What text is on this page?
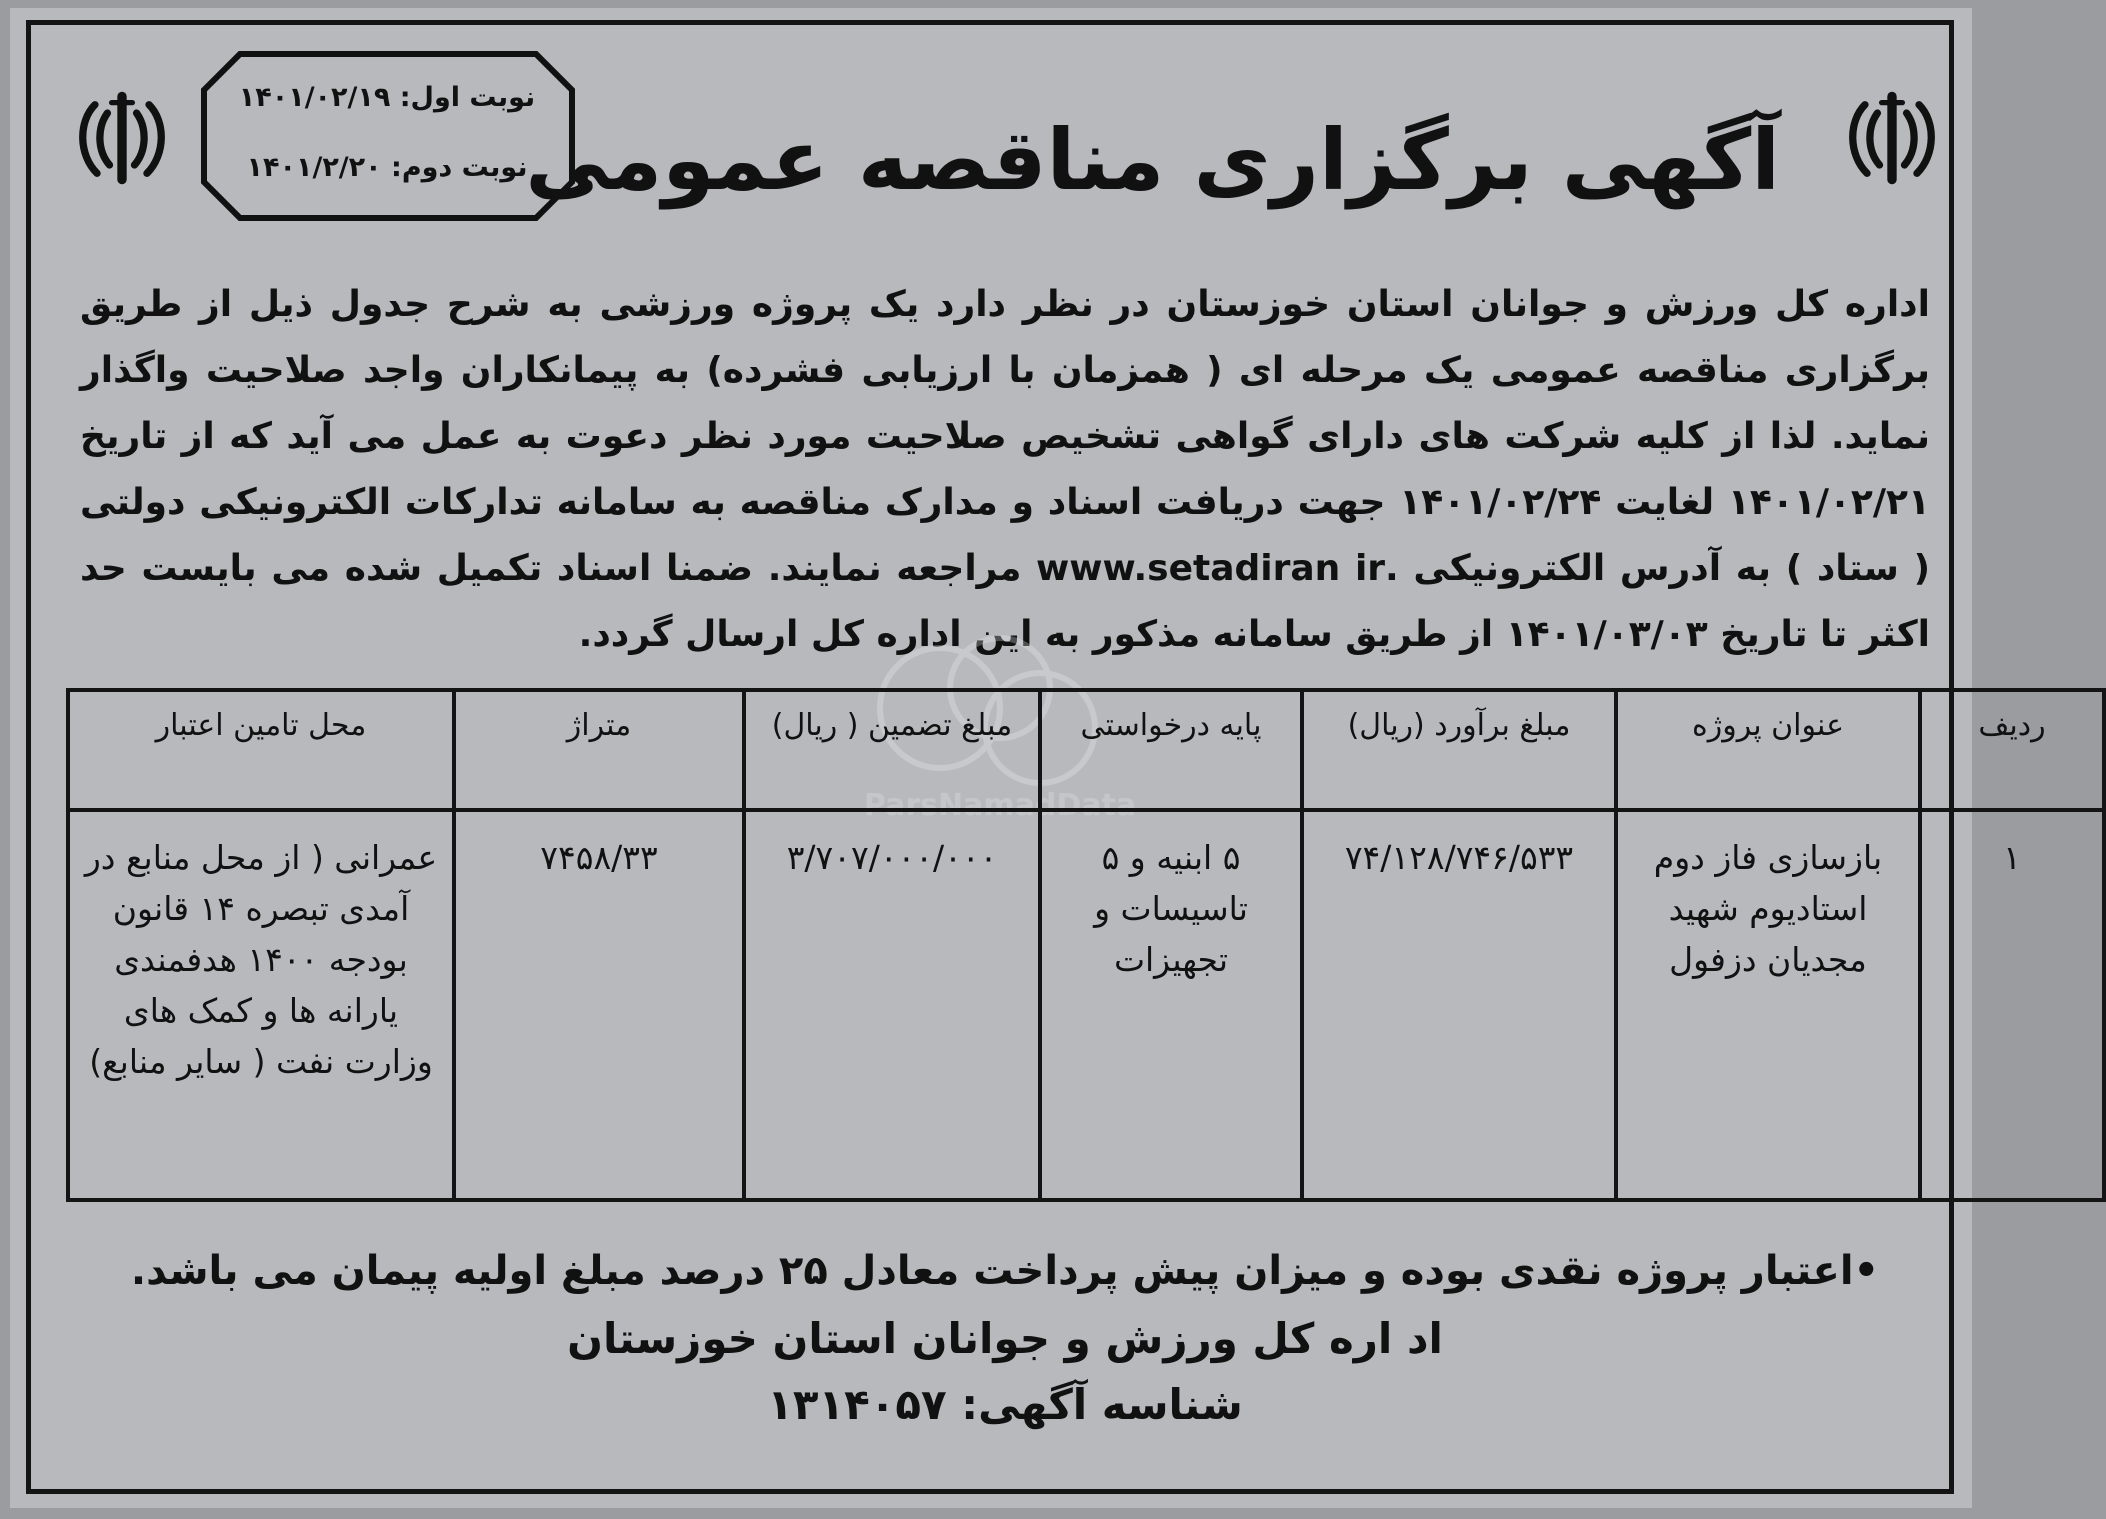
نوبت اول: ۱۴۰۱/۰۲/۱۹
نوبت دوم: ۱۴۰۱/۲/۲۰
آگهی برگزاری مناقصه عمومی
اداره کل ورزش و جوانان استان خوزستان در نظر دارد یک پروژه ورزشی به شرح جدول ذیل از طریق برگزاری مناقصه عمومی یک مرحله ای ( همزمان با ارزیابی فشرده) به پیمانکاران واجد صلاحیت واگذار نماید. لذا از کلیه شرکت های دارای گواهی تشخیص صلاحیت مورد نظر دعوت به عمل می آید که از تاریخ ۱۴۰۱/۰۲/۲۱ لغایت ۱۴۰۱/۰۲/۲۴ جهت دریافت اسناد و مدارک مناقصه به سامانه تدارکات الکترونیکی دولتی ( ستاد ) به آدرس الکترونیکی .www.setadiran ir مراجعه نمایند. ضمنا اسناد تکمیل شده می بایست حد اکثر تا تاریخ ۱۴۰۱/۰۳/۰۳ از طریق سامانه مذکور به این اداره کل ارسال گردد.
ParsNamadData
ردیف	عنوان پروژه	مبلغ برآورد (ریال)	پایه درخواستی	مبلغ تضمین ( ریال)	متراژ	محل تامین اعتبار
۱	بازسازی فاز دوم استادیوم شهید مجدیان دزفول	۷۴/۱۲۸/۷۴۶/۵۳۳	۵ ابنیه و ۵ تاسیسات و تجهیزات	۳/۷۰۷/۰۰۰/۰۰۰	۷۴۵۸/۳۳	عمرانی ( از محل منابع در آمدی تبصره ۱۴ قانون بودجه ۱۴۰۰ هدفمندی یارانه ها و کمک های وزارت نفت ( سایر منابع)
•اعتبار پروژه نقدی بوده و میزان پیش پرداخت معادل ۲۵ درصد مبلغ اولیه پیمان می باشد.
اد اره کل ورزش و جوانان استان خوزستان
شناسه آگهی: ۱۳۱۴۰۵۷
